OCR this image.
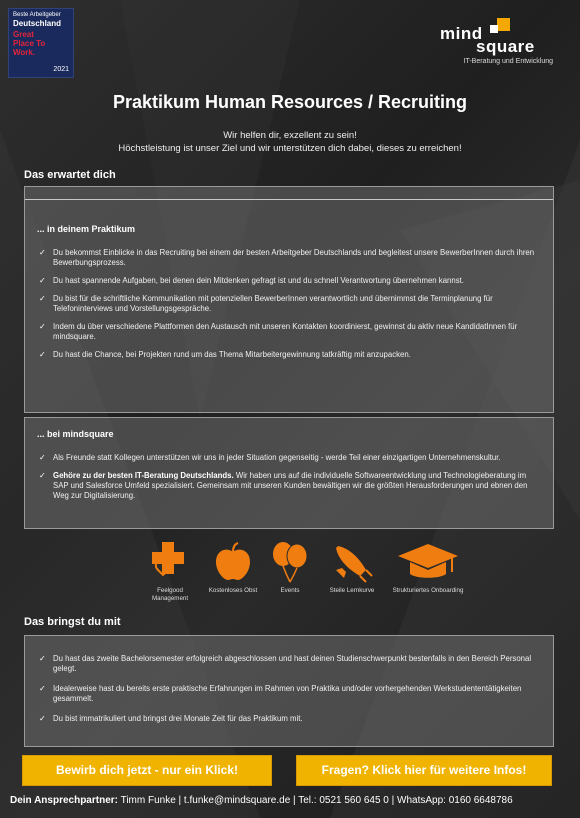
Beste Arbeitgeber
Deutschland
Great Place To Work.
2021
mind
square
IT-Beratung und Entwicklung
Praktikum Human Resources / Recruiting
Wir helfen dir, exzellent zu sein!
Höchstleistung ist unser Ziel und wir unterstützen dich dabei, dieses zu erreichen!
Das erwartet dich
... in deinem Praktikum
✓ Du bekommst Einblicke in das Recruiting bei einem der besten Arbeitgeber Deutschlands und begleitest unsere BewerberInnen durch ihren Bewerbungsprozess.
✓ Du hast spannende Aufgaben, bei denen dein Mitdenken gefragt ist und du schnell Verantwortung übernehmen kannst.
✓ Du bist für die schriftliche Kommunikation mit potenziellen BewerberInnen verantwortlich und übernimmst die Terminplanung für Telefoninterviews und Vorstellungsgespräche.
✓ Indem du über verschiedene Plattformen den Austausch mit unseren Kontakten koordinierst, gewinnst du aktiv neue KandidatInnen für mindsquare.
✓ Du hast die Chance, bei Projekten rund um das Thema Mitarbeitergewinnung tatkräftig mit anzupacken.
... bei mindsquare
✓ Als Freunde statt Kollegen unterstützen wir uns in jeder Situation gegenseitig - werde Teil einer einzigartigen Unternehmenskultur.
✓ Gehöre zu der besten IT-Beratung Deutschlands. Wir haben uns auf die individuelle Softwareentwicklung und Technologieberatung im SAP und Salesforce Umfeld spezialisiert. Gemeinsam mit unseren Kunden bewältigen wir die größten Herausforderungen und ebnen den Weg zur Digitalisierung.
Feelgood Management
Kostenloses Obst	Events	Steile Lernkurve	Strukturiertes Onboarding
Das bringst du mit
✓ Du hast das zweite Bachelorsemester erfolgreich abgeschlossen und hast deinen Studienschwerpunkt bestenfalls in den Bereich Personal gelegt.
✓ Idealerweise hast du bereits erste praktische Erfahrungen im Rahmen von Praktika und/oder vorhergehenden Werkstudententätigkeiten gesammelt.
✓ Du bist immatrikuliert und bringst drei Monate Zeit für das Praktikum mit.
Bewirb dich jetzt - nur ein Klick!	Fragen? Klick hier für weitere Infos!
Dein Ansprechpartner: Timm Funke | t.funke@mindsquare.de | Tel.: 0521 560 645 0 | WhatsApp: 0160 6648786
